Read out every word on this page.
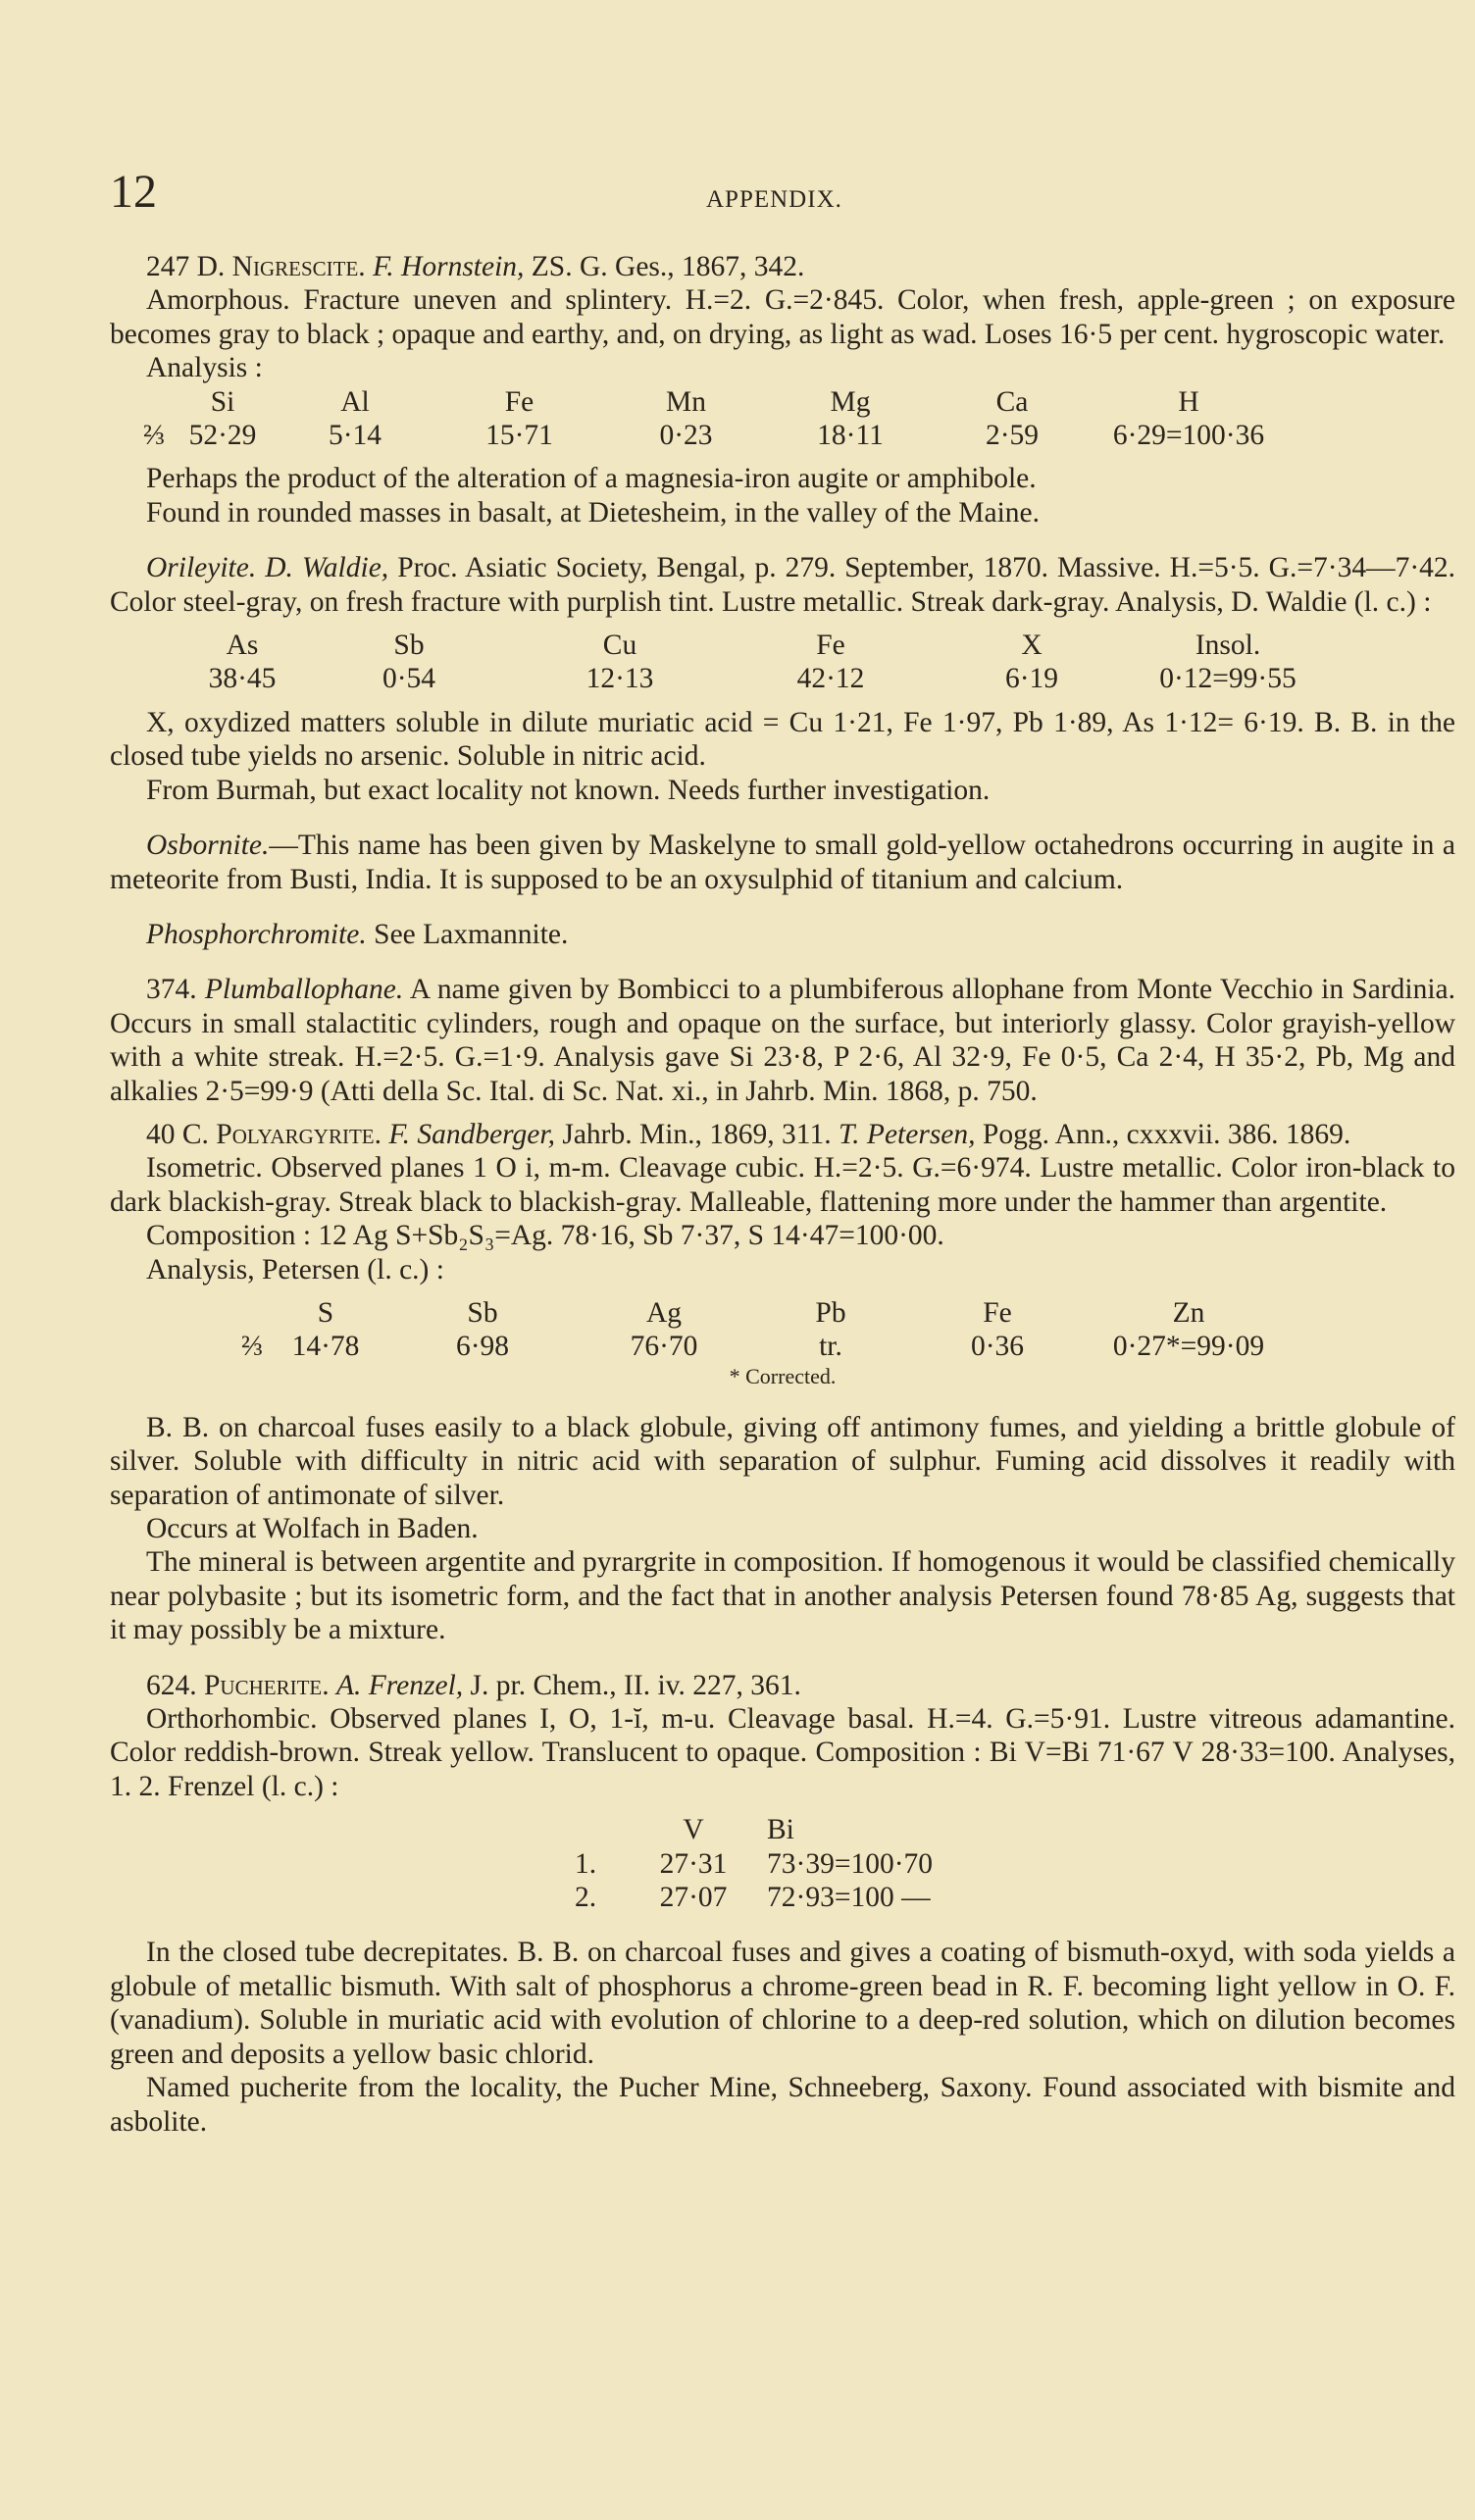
12	APPENDIX.

247 D. Nigrescite. F. Hornstein, ZS. G. Ges., 1867, 342.

Amorphous. Fracture uneven and splintery. H.=2. G.=2·845. Color, when fresh, apple-green ; on exposure becomes gray to black ; opaque and earthy, and, on drying, as light as wad. Loses 16·5 per cent. hygroscopic water.

Analysis :

	Si	Al	Fe	Mn	Mg	Ca	H
⅔	52·29	5·14	15·71	0·23	18·11	2·59	6·29=100·36

Perhaps the product of the alteration of a magnesia-iron augite or amphibole.

Found in rounded masses in basalt, at Dietesheim, in the valley of the Maine.

Orileyite. D. Waldie, Proc. Asiatic Society, Bengal, p. 279. September, 1870. Massive. H.=5·5. G.=7·34—7·42. Color steel-gray, on fresh fracture with purplish tint. Lustre metallic. Streak dark-gray. Analysis, D. Waldie (l. c.) :

As	Sb	Cu	Fe	X	Insol.
38·45	0·54	12·13	42·12	6·19	0·12=99·55

X, oxydized matters soluble in dilute muriatic acid = Cu 1·21, Fe 1·97, Pb 1·89, As 1·12= 6·19. B. B. in the closed tube yields no arsenic. Soluble in nitric acid.

From Burmah, but exact locality not known. Needs further investigation.

Osbornite.—This name has been given by Maskelyne to small gold-yellow octahedrons occurring in augite in a meteorite from Busti, India. It is supposed to be an oxysulphid of titanium and calcium.

Phosphorchromite. See Laxmannite.

374. Plumballophane. A name given by Bombicci to a plumbiferous allophane from Monte Vecchio in Sardinia. Occurs in small stalactitic cylinders, rough and opaque on the surface, but interiorly glassy. Color grayish-yellow with a white streak. H.=2·5. G.=1·9. Analysis gave Si 23·8, P 2·6, Al 32·9, Fe 0·5, Ca 2·4, H 35·2, Pb, Mg and alkalies 2·5=99·9 (Atti della Sc. Ital. di Sc. Nat. xi., in Jahrb. Min. 1868, p. 750.

40 C. Polyargyrite. F. Sandberger, Jahrb. Min., 1869, 311. T. Petersen, Pogg. Ann., cxxxvii. 386. 1869.

Isometric. Observed planes 1 O i, m-m. Cleavage cubic. H.=2·5. G.=6·974. Lustre metallic. Color iron-black to dark blackish-gray. Streak black to blackish-gray. Malleable, flattening more under the hammer than argentite.

Composition : 12 Ag S+Sb₂S₃=Ag. 78·16, Sb 7·37, S 14·47=100·00.

Analysis, Petersen (l. c.) :

	S	Sb	Ag	Pb	Fe	Zn
⅔	14·78	6·98	76·70	tr.	0·36	0·27*=99·09
* Corrected.

B. B. on charcoal fuses easily to a black globule, giving off antimony fumes, and yielding a brittle globule of silver. Soluble with difficulty in nitric acid with separation of sulphur. Fuming acid dissolves it readily with separation of antimonate of silver.

Occurs at Wolfach in Baden.

The mineral is between argentite and pyrargrite in composition. If homogenous it would be classified chemically near polybasite ; but its isometric form, and the fact that in another analysis Petersen found 78·85 Ag, suggests that it may possibly be a mixture.

624. Pucherite. A. Frenzel, J. pr. Chem., II. iv. 227, 361.

Orthorhombic. Observed planes I, O, 1-ĭ, m-u. Cleavage basal. H.=4. G.=5·91. Lustre vitreous adamantine. Color reddish-brown. Streak yellow. Translucent to opaque. Composition : Bi V=Bi 71·67 V 28·33=100. Analyses, 1. 2. Frenzel (l. c.) :

	V	Bi
1.	27·31	73·39=100·70
2.	27·07	72·93=100 —

In the closed tube decrepitates. B. B. on charcoal fuses and gives a coating of bismuth-oxyd, with soda yields a globule of metallic bismuth. With salt of phosphorus a chrome-green bead in R. F. becoming light yellow in O. F. (vanadium). Soluble in muriatic acid with evolution of chlorine to a deep-red solution, which on dilution becomes green and deposits a yellow basic chlorid.

Named pucherite from the locality, the Pucher Mine, Schneeberg, Saxony. Found associated with bismite and asbolite.
